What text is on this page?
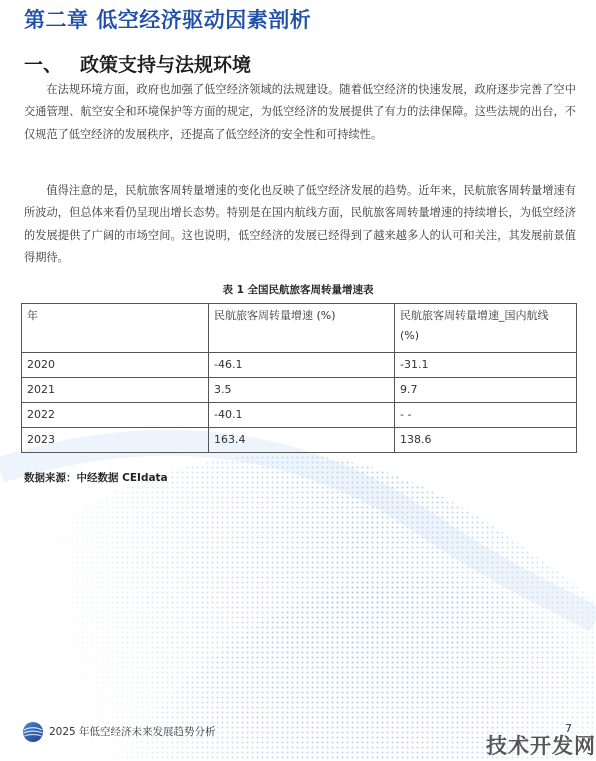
第二章 低空经济驱动因素剖析
一、 政策支持与法规环境

在法规环境方面，政府也加强了低空经济领域的法规建设。随着低空经济的快速发展，政府逐步完善了空中交通管理、航空安全和环境保护等方面的规定，为低空经济的发展提供了有力的法律保障。这些法规的出台，不仅规范了低空经济的发展秩序，还提高了低空经济的安全性和可持续性。

值得注意的是，民航旅客周转量增速的变化也反映了低空经济发展的趋势。近年来，民航旅客周转量增速有所波动，但总体来看仍呈现出增长态势。特别是在国内航线方面，民航旅客周转量增速的持续增长，为低空经济的发展提供了广阔的市场空间。这也说明，低空经济的发展已经得到了越来越多人的认可和关注，其发展前景值得期待。

表 1 全国民航旅客周转量增速表
年	民航旅客周转量增速 (%)	民航旅客周转量增速_国内航线 (%)
2020	-46.1	-31.1
2021	3.5	9.7
2022	-40.1	- -
2023	163.4	138.6
数据来源：中经数据 CEIdata
2025 年低空经济未来发展趋势分析	7
技术开发网
